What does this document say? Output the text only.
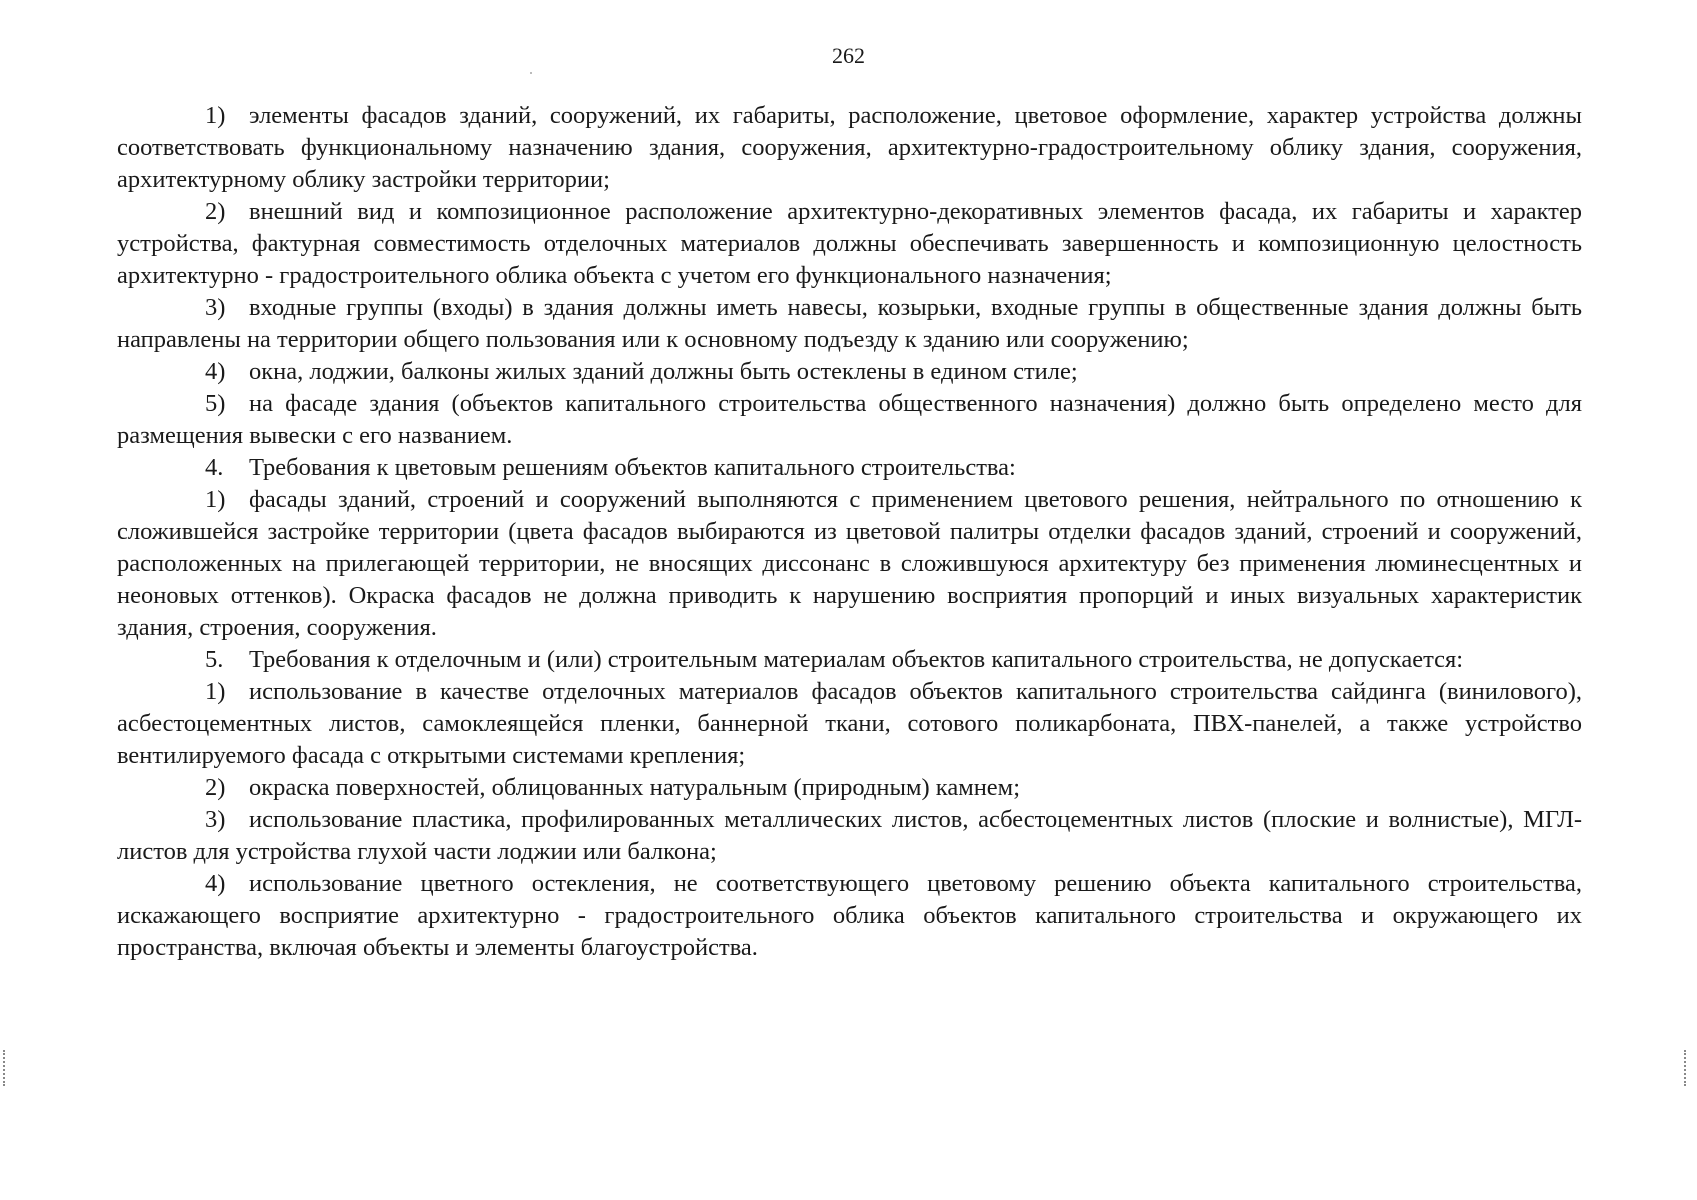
262

1) элементы фасадов зданий, сооружений, их габариты, расположение, цветовое оформление, характер устройства должны соответствовать функциональному назначению здания, сооружения, архитектурно-градостроительному облику здания, сооружения, архитектурному облику застройки территории;

2) внешний вид и композиционное расположение архитектурно-декоративных элементов фасада, их габариты и характер устройства, фактурная совместимость отделочных материалов должны обеспечивать завершенность и композиционную целостность архитектурно - градостроительного облика объекта с учетом его функционального назначения;

3) входные группы (входы) в здания должны иметь навесы, козырьки, входные группы в общественные здания должны быть направлены на территории общего пользования или к основному подъезду к зданию или сооружению;

4) окна, лоджии, балконы жилых зданий должны быть остеклены в едином стиле;

5) на фасаде здания (объектов капитального строительства общественного назначения) должно быть определено место для размещения вывески с его названием.

4. Требования к цветовым решениям объектов капитального строительства:

1) фасады зданий, строений и сооружений выполняются с применением цветового решения, нейтрального по отношению к сложившейся застройке территории (цвета фасадов выбираются из цветовой палитры отделки фасадов зданий, строений и сооружений, расположенных на прилегающей территории, не вносящих диссонанс в сложившуюся архитектуру без применения люминесцентных и неоновых оттенков). Окраска фасадов не должна приводить к нарушению восприятия пропорций и иных визуальных характеристик здания, строения, сооружения.

5. Требования к отделочным и (или) строительным материалам объектов капитального строительства, не допускается:

1) использование в качестве отделочных материалов фасадов объектов капитального строительства сайдинга (винилового), асбестоцементных листов, самоклеящейся пленки, баннерной ткани, сотового поликарбоната, ПВХ-панелей, а также устройство вентилируемого фасада с открытыми системами крепления;

2) окраска поверхностей, облицованных натуральным (природным) камнем;

3) использование пластика, профилированных металлических листов, асбестоцементных листов (плоские и волнистые), МГЛ-листов для устройства глухой части лоджии или балкона;

4) использование цветного остекления, не соответствующего цветовому решению объекта капитального строительства, искажающего восприятие архитектурно - градостроительного облика объектов капитального строительства и окружающего их пространства, включая объекты и элементы благоустройства.
